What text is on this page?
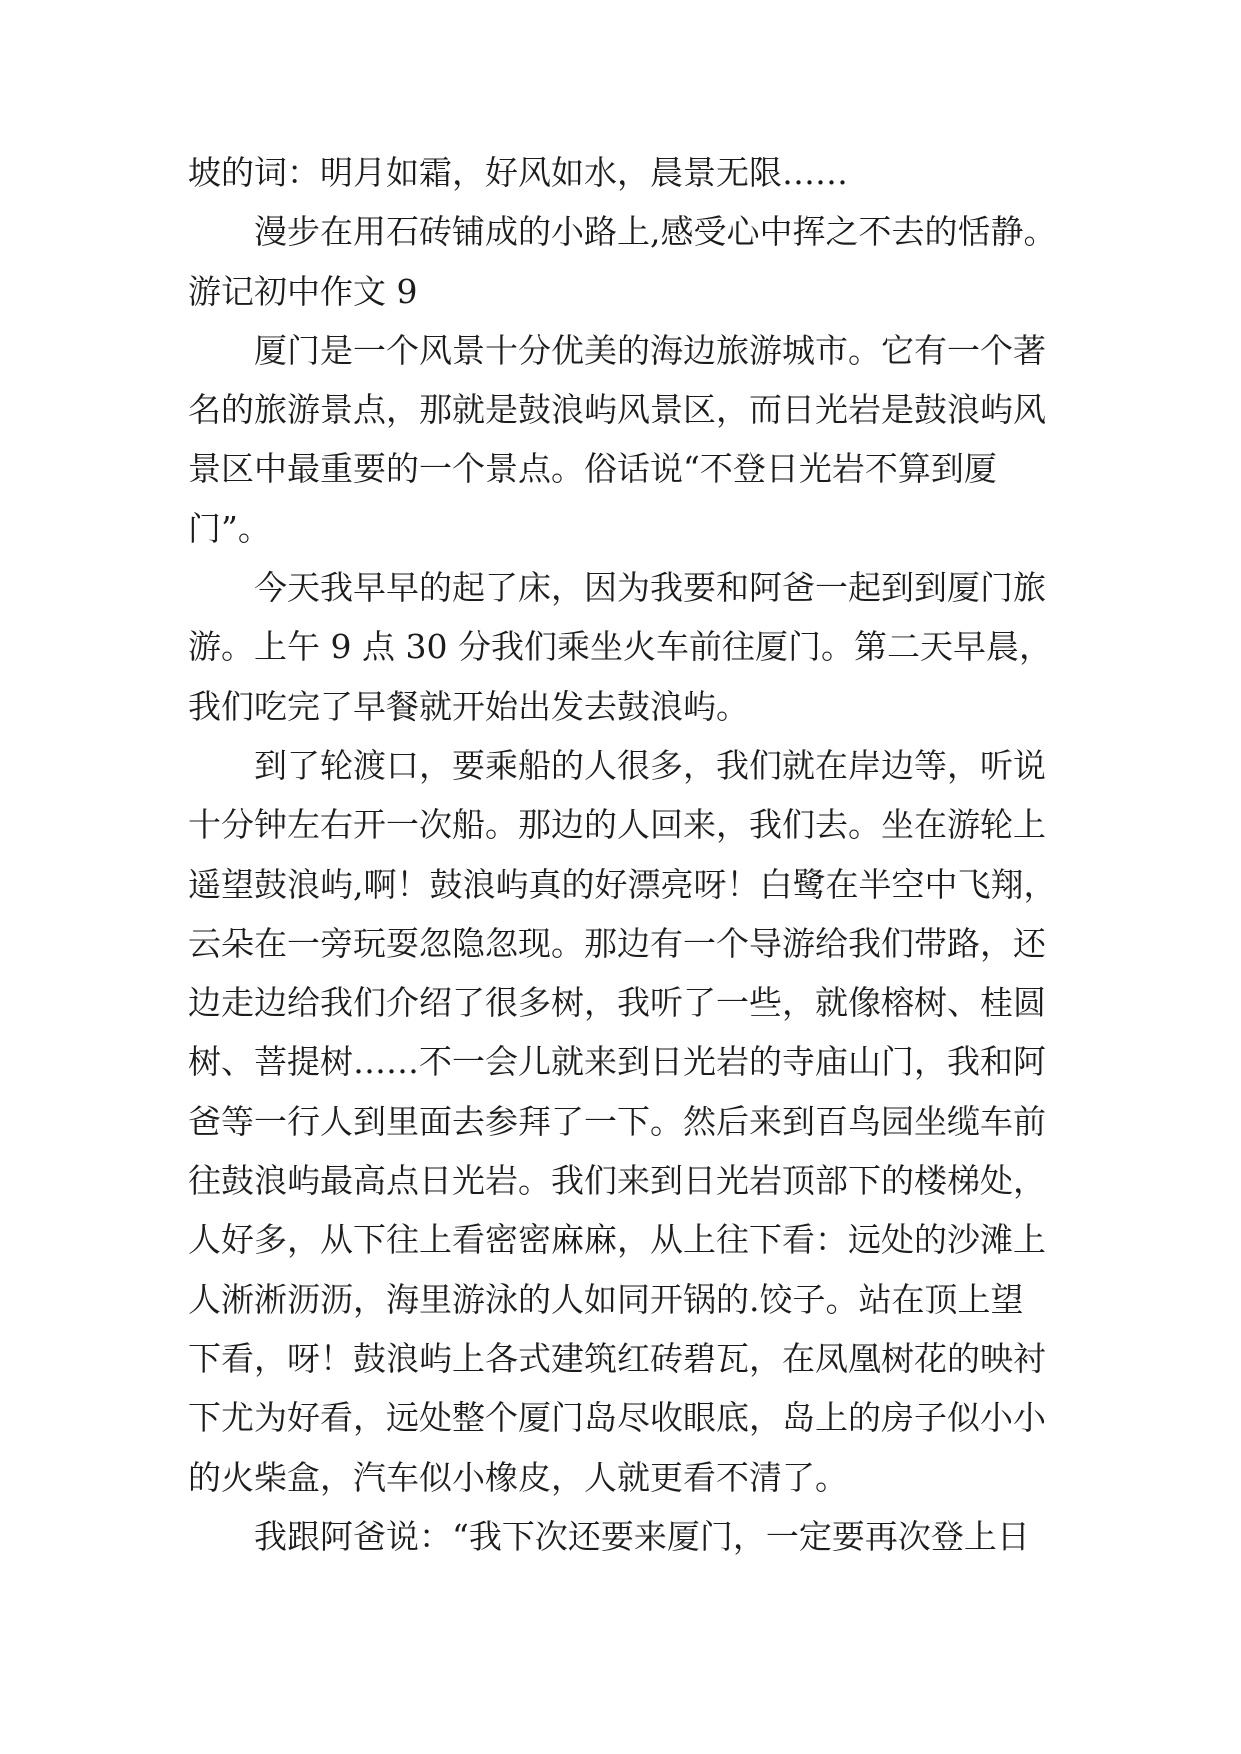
坡的词：明月如霜，好风如水，晨景无限……
漫步在用石砖铺成的小路上,感受心中挥之不去的恬静。
游记初中作文 9
厦门是一个风景十分优美的海边旅游城市。它有一个著
名的旅游景点，那就是鼓浪屿风景区，而日光岩是鼓浪屿风
景区中最重要的一个景点。俗话说“不登日光岩不算到厦
门”。
今天我早早的起了床，因为我要和阿爸一起到到厦门旅
游。上午 9 点 30 分我们乘坐火车前往厦门。第二天早晨，
我们吃完了早餐就开始出发去鼓浪屿。
到了轮渡口，要乘船的人很多，我们就在岸边等，听说
十分钟左右开一次船。那边的人回来，我们去。坐在游轮上
遥望鼓浪屿,啊！鼓浪屿真的好漂亮呀！白鹭在半空中飞翔，
云朵在一旁玩耍忽隐忽现。那边有一个导游给我们带路，还
边走边给我们介绍了很多树，我听了一些，就像榕树、桂圆
树、菩提树……不一会儿就来到日光岩的寺庙山门，我和阿
爸等一行人到里面去参拜了一下。然后来到百鸟园坐缆车前
往鼓浪屿最高点日光岩。我们来到日光岩顶部下的楼梯处，
人好多，从下往上看密密麻麻，从上往下看：远处的沙滩上
人淅淅沥沥，海里游泳的人如同开锅的.饺子。站在顶上望
下看，呀！鼓浪屿上各式建筑红砖碧瓦，在凤凰树花的映衬
下尤为好看，远处整个厦门岛尽收眼底，岛上的房子似小小
的火柴盒，汽车似小橡皮，人就更看不清了。
我跟阿爸说：“我下次还要来厦门，一定要再次登上日
